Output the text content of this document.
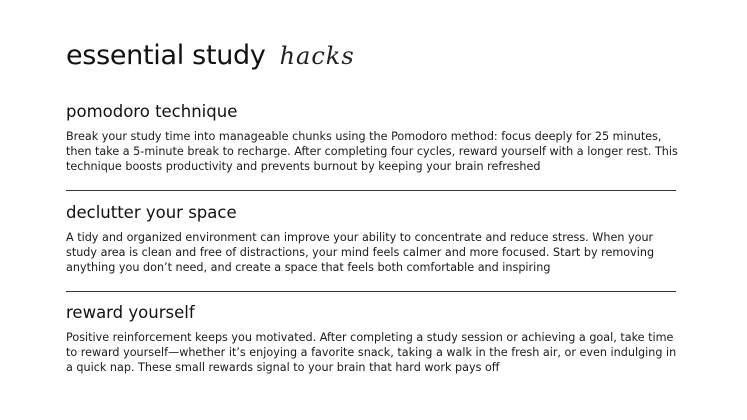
essential study hacks
pomodoro technique

Break your study time into manageable chunks using the Pomodoro method: focus deeply for 25 minutes, then take a 5-minute break to recharge. After completing four cycles, reward yourself with a longer rest. This technique boosts productivity and prevents burnout by keeping your brain refreshed

declutter your space

A tidy and organized environment can improve your ability to concentrate and reduce stress. When your study area is clean and free of distractions, your mind feels calmer and more focused. Start by removing anything you don’t need, and create a space that feels both comfortable and inspiring

reward yourself

Positive reinforcement keeps you motivated. After completing a study session or achieving a goal, take time to reward yourself—whether it’s enjoying a favorite snack, taking a walk in the fresh air, or even indulging in a quick nap. These small rewards signal to your brain that hard work pays off
